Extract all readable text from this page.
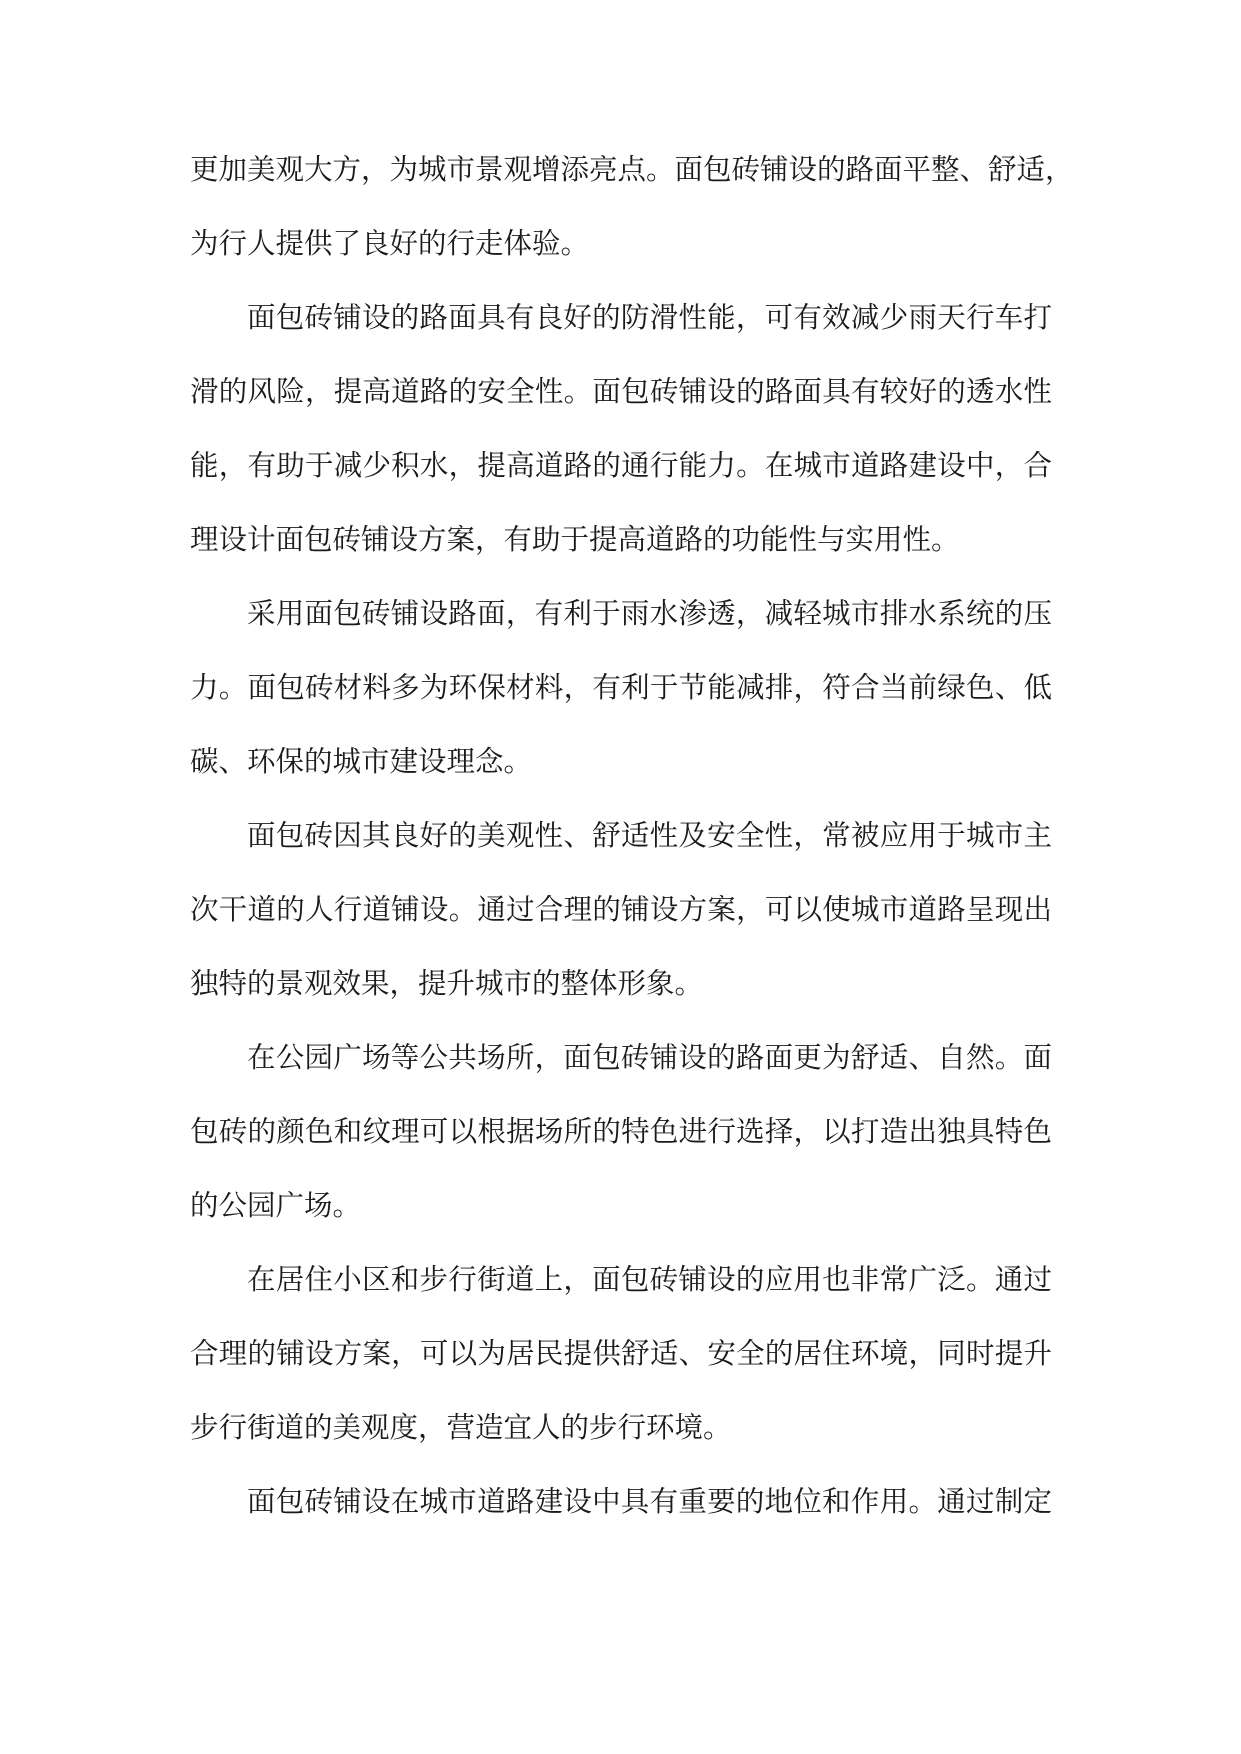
更加美观大方，为城市景观增添亮点。面包砖铺设的路面平整、舒适，
为行人提供了良好的行走体验。
面包砖铺设的路面具有良好的防滑性能，可有效减少雨天行车打
滑的风险，提高道路的安全性。面包砖铺设的路面具有较好的透水性
能，有助于减少积水，提高道路的通行能力。在城市道路建设中，合
理设计面包砖铺设方案，有助于提高道路的功能性与实用性。
采用面包砖铺设路面，有利于雨水渗透，减轻城市排水系统的压
力。面包砖材料多为环保材料，有利于节能减排，符合当前绿色、低
碳、环保的城市建设理念。
面包砖因其良好的美观性、舒适性及安全性，常被应用于城市主
次干道的人行道铺设。通过合理的铺设方案，可以使城市道路呈现出
独特的景观效果，提升城市的整体形象。
在公园广场等公共场所，面包砖铺设的路面更为舒适、自然。面
包砖的颜色和纹理可以根据场所的特色进行选择，以打造出独具特色
的公园广场。
在居住小区和步行街道上，面包砖铺设的应用也非常广泛。通过
合理的铺设方案，可以为居民提供舒适、安全的居住环境，同时提升
步行街道的美观度，营造宜人的步行环境。
面包砖铺设在城市道路建设中具有重要的地位和作用。通过制定
